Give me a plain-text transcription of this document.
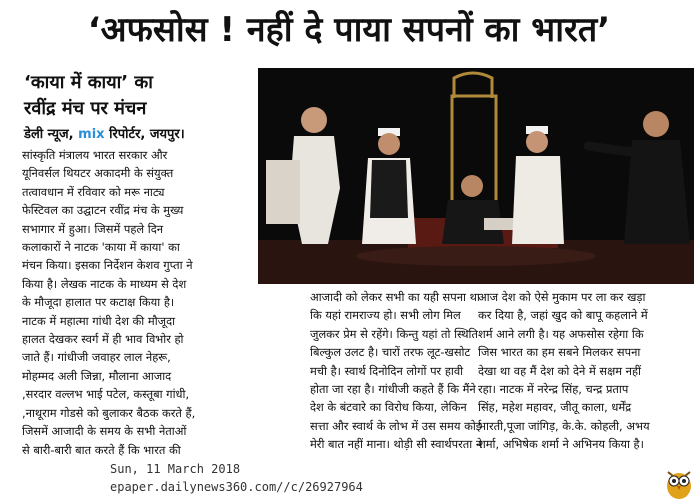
‘अफसोस ! नहीं दे पाया सपनों का भारत’
‘काया में काया’ का
रवींद्र मंच पर मंचन
डेली न्यूज, mix रिपोर्टर, जयपुर।
सांस्कृति मंत्रालय भारत सरकार और
यूनिवर्सल थियटर अकादमी के संयुक्त
तत्वावधान में रविवार को मरू नाट्य
फेस्टिवल का उद्घाटन रवींद्र मंच के मुख्य
सभागार में हुआ। जिसमें पहले दिन
कलाकारों ने नाटक 'काया में काया' का
मंचन किया। इसका निर्देशन केशव गुप्ता ने
किया है। लेखक नाटक के माध्यम से देश
के मौजूदा हालात पर कटाक्ष किया है।
नाटक में महात्मा गांधी देश की मौजूदा
हालत देखकर स्वर्ग में ही भाव विभोर हो
जाते हैं। गांधीजी जवाहर लाल नेहरू,
मोहम्मद अली जिन्ना, मौलाना आजाद
,सरदार वल्लभ भाई पटेल, कस्तूबा गांधी,
,नाथूराम गोडसे को बुलाकर बैठक करते हैं,
जिसमें आजादी के समय के सभी नेताओं
से बारी-बारी बात करते हैं कि भारत की
आजादी को लेकर सभी का यही सपना था
कि यहां रामराज्य हो। सभी लोग मिल
जुलकर प्रेम से रहेंगे। किन्तु यहां तो स्थिति
बिल्कुल उलट है। चारों तरफ लूट-खसोट
मची है। स्वार्थ दिनोदिन लोगों पर हावी
होता जा रहा है। गांधीजी कहते हैं कि मैंने
देश के बंटवारे का विरोध किया, लेकिन
सत्ता और स्वार्थ के लोभ में उस समय कोई
मेरी बात नहीं माना। थोड़ी सी स्वार्थपरता ने
आज देश को ऐसे मुकाम पर ला कर खड़ा
कर दिया है, जहां खुद को बापू कहलाने में
शर्म आने लगी है। यह अफसोस रहेगा कि
जिस भारत का हम सबने मिलकर सपना
देखा था वह मैं देश को देने में सक्षम नहीं
रहा। नाटक में नरेन्द्र सिंह, चन्द्र प्रताप
सिंह, महेश महावर, जीतू काला, धर्मेंद्र
भारती,पूजा जांगिड़, के.के. कोहली, अभय
शर्मा, अभिषेक शर्मा ने अभिनय किया है।
Sun, 11 March 2018
epaper.dailynews360.com//c/26927964
